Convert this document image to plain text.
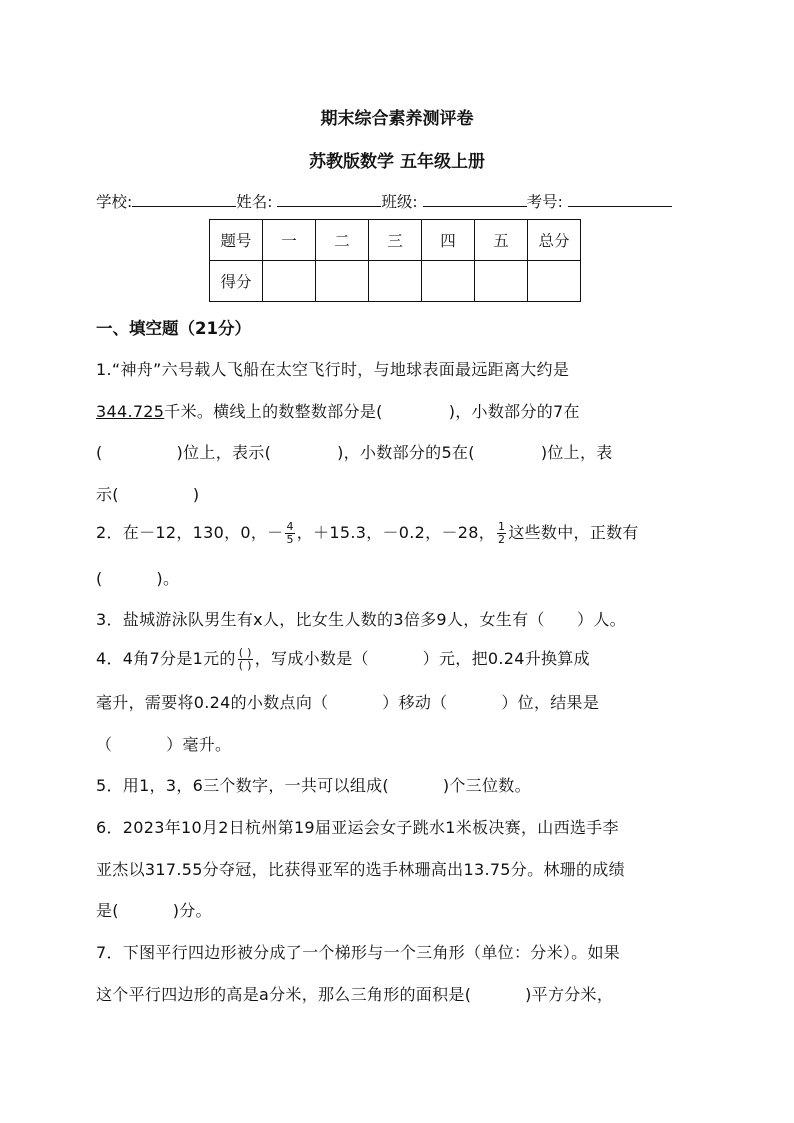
期末综合素养测评卷
苏教版数学 五年级上册
学校:	姓名:	班级:	考号:
题号	一	二	三	四	五	总分
得分						
一、填空题（21分）
1.“神舟”六号载人飞船在太空飞行时，与地球表面最远距离大约是
344.725千米。横线上的数整数部分是(	)，小数部分的7在
(	)位上，表示(	)，小数部分的5在(	)位上，表
示(	)
2．在－12，130，0，－ $\frac{4}{5}$ ，＋15.3，－0.2，－28， $\frac{1}{2}$ 这些数中，正数有
(          )。
3．盐城游泳队男生有x人，比女生人数的3倍多9人，女生有（      ）人。
4．4角7分是1元的 $\frac{( )}{( )}$ ，写成小数是（          ）元，把0.24升换算成
毫升，需要将0.24的小数点向（          ）移动（          ）位，结果是
（          ）毫升。
5．用1，3，6三个数字，一共可以组成(          )个三位数。
6．2023年10月2日杭州第19届亚运会女子跳水1米板决赛，山西选手李
亚杰以317.55分夺冠，比获得亚军的选手林珊高出13.75分。林珊的成绩
是(          )分。
7．下图平行四边形被分成了一个梯形与一个三角形（单位：分米）。如果
这个平行四边形的高是a分米，那么三角形的面积是(          )平方分米，
